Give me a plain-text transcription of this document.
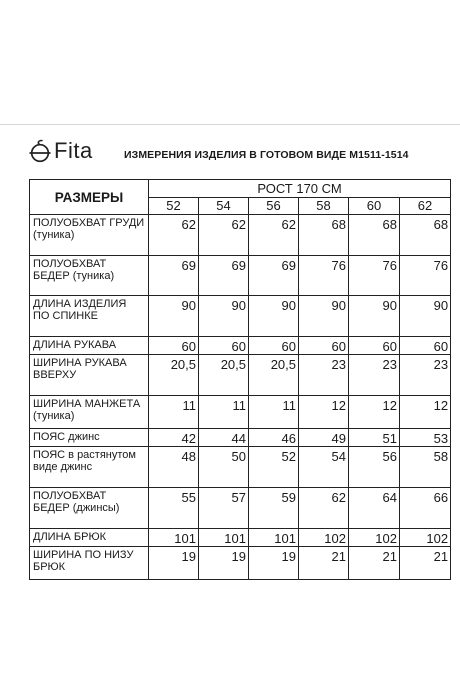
Fita	ИЗМЕРЕНИЯ ИЗДЕЛИЯ В ГОТОВОМ ВИДЕ М1511-1514
РАЗМЕРЫ	РОСТ 170 СМ					
	52	54	56	58	60	62
ПОЛУОБХВАТ ГРУДИ (туника)	62	62	62	68	68	68
ПОЛУОБХВАТ БЕДЕР (туника)	69	69	69	76	76	76
ДЛИНА ИЗДЕЛИЯ ПО СПИНКЕ	90	90	90	90	90	90
ДЛИНА РУКАВА	60	60	60	60	60	60
ШИРИНА РУКАВА ВВЕРХУ	20,5	20,5	20,5	23	23	23
ШИРИНА МАНЖЕТА (туника)	11	11	11	12	12	12
ПОЯС джинс	42	44	46	49	51	53
ПОЯС в растянутом виде джинс	48	50	52	54	56	58
ПОЛУОБХВАТ БЕДЕР (джинсы)	55	57	59	62	64	66
ДЛИНА БРЮК	101	101	101	102	102	102
ШИРИНА ПО НИЗУ БРЮК	19	19	19	21	21	21
